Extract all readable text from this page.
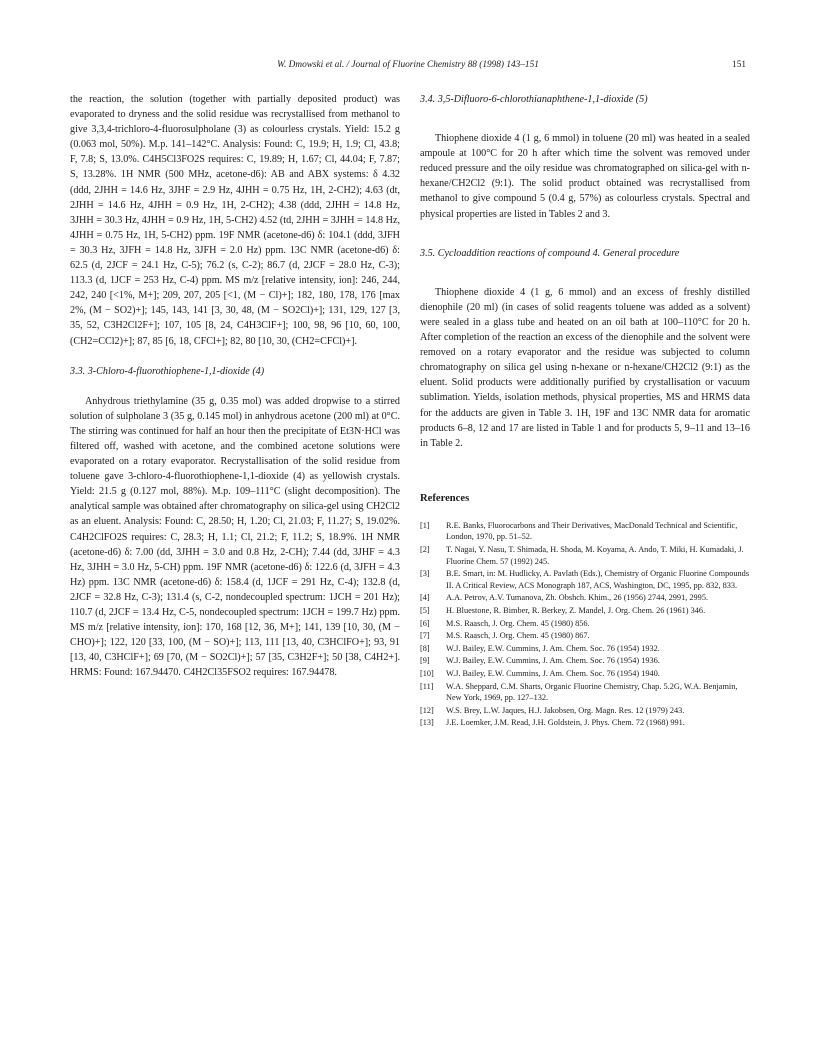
W. Dmowski et al. / Journal of Fluorine Chemistry 88 (1998) 143–151	151

the reaction, the solution (together with partially deposited product) was evaporated to dryness and the solid residue was recrystallised from methanol to give 3,3,4-trichloro-4-fluorosulpholane (3) as colourless crystals. Yield: 15.2 g (0.063 mol, 50%). M.p. 141–142°C. Analysis: Found: C, 19.9; H, 1.9; Cl, 43.8; F, 7.8; S, 13.0%. C4H5Cl3FO2S requires: C, 19.89; H, 1.67; Cl, 44.04; F, 7.87; S, 13.28%. 1H NMR (500 MHz, acetone-d6): AB and ABX systems: δ 4.32 (ddd, 2JHH = 14.6 Hz, 3JHF = 2.9 Hz, 4JHH = 0.75 Hz, 1H, 2-CH2); 4.63 (dt, 2JHH = 14.6 Hz, 4JHH = 0.9 Hz, 1H, 2-CH2); 4.38 (ddd, 2JHH = 14.8 Hz, 3JHH = 30.3 Hz, 4JHH = 0.9 Hz, 1H, 5-CH2) 4.52 (td, 2JHH = 3JHH = 14.8 Hz, 4JHH = 0.75 Hz, 1H, 5-CH2) ppm. 19F NMR (acetone-d6) δ: 104.1 (ddd, 3JFH = 30.3 Hz, 3JFH = 14.8 Hz, 3JFH = 2.0 Hz) ppm. 13C NMR (acetone-d6) δ: 62.5 (d, 2JCF = 24.1 Hz, C-5); 76.2 (s, C-2); 86.7 (d, 2JCF = 28.0 Hz, C-3); 113.3 (d, 1JCF = 253 Hz, C-4) ppm. MS m/z [relative intensity, ion]: 246, 244, 242, 240 [<1%, M+]; 209, 207, 205 [<1, (M − Cl)+]; 182, 180, 178, 176 [max 2%, (M − SO2)+]; 145, 143, 141 [3, 30, 48, (M − SO2Cl)+]; 131, 129, 127 [3, 35, 52, C3H2Cl2F+]; 107, 105 [8, 24, C4H3ClF+]; 100, 98, 96 [10, 60, 100, (CH2=CCl2)+]; 87, 85 [6, 18, CFCl+]; 82, 80 [10, 30, (CH2=CFCl)+].

3.3. 3-Chloro-4-fluorothiophene-1,1-dioxide (4)

Anhydrous triethylamine (35 g, 0.35 mol) was added dropwise to a stirred solution of sulpholane 3 (35 g, 0.145 mol) in anhydrous acetone (200 ml) at 0°C. The stirring was continued for half an hour then the precipitate of Et3N·HCl was filtered off, washed with acetone, and the combined acetone solutions were evaporated on a rotary evaporator. Recrystallisation of the solid residue from toluene gave 3-chloro-4-fluorothiophene-1,1-dioxide (4) as yellowish crystals. Yield: 21.5 g (0.127 mol, 88%). M.p. 109–111°C (slight decomposition). The analytical sample was obtained after chromatography on silica-gel using CH2Cl2 as an eluent. Analysis: Found: C, 28.50; H, 1.20; Cl, 21.03; F, 11.27; S, 19.02%. C4H2ClFO2S requires: C, 28.3; H, 1.1; Cl, 21.2; F, 11.2; S, 18.9%. 1H NMR (acetone-d6) δ: 7.00 (dd, 3JHH = 3.0 and 0.8 Hz, 2-CH); 7.44 (dd, 3JHF = 4.3 Hz, 3JHH = 3.0 Hz, 5-CH) ppm. 19F NMR (acetone-d6) δ: 122.6 (d, 3JFH = 4.3 Hz) ppm. 13C NMR (acetone-d6) δ: 158.4 (d, 1JCF = 291 Hz, C-4); 132.8 (d, 2JCF = 32.8 Hz, C-3); 131.4 (s, C-2, nondecoupled spectrum: 1JCH = 201 Hz); 110.7 (d, 2JCF = 13.4 Hz, C-5, nondecoupled spectrum: 1JCH = 199.7 Hz) ppm. MS m/z [relative intensity, ion]: 170, 168 [12, 36, M+]; 141, 139 [10, 30, (M − CHO)+]; 122, 120 [33, 100, (M − SO)+]; 113, 111 [13, 40, C3HClFO+]; 93, 91 [13, 40, C3HClF+]; 69 [70, (M − SO2Cl)+]; 57 [35, C3H2F+]; 50 [38, C4H2+]. HRMS: Found: 167.94470. C4H2Cl35FSO2 requires: 167.94478.

3.4. 3,5-Difluoro-6-chlorothianaphthene-1,1-dioxide (5)

Thiophene dioxide 4 (1 g, 6 mmol) in toluene (20 ml) was heated in a sealed ampoule at 100°C for 20 h after which time the solvent was removed under reduced pressure and the oily residue was chromatographed on silica-gel with n-hexane/CH2Cl2 (9:1). The solid product obtained was recrystallised from methanol to give compound 5 (0.4 g, 57%) as colourless crystals. Spectral and physical properties are listed in Tables 2 and 3.

3.5. Cycloaddition reactions of compound 4. General procedure

Thiophene dioxide 4 (1 g, 6 mmol) and an excess of freshly distilled dienophile (20 ml) (in cases of solid reagents toluene was added as a solvent) were sealed in a glass tube and heated on an oil bath at 100–110°C for 20 h. After completion of the reaction an excess of the dienophile and the solvent were removed on a rotary evaporator and the residue was subjected to column chromatography on silica gel using n-hexane or n-hexane/CH2Cl2 (9:1) as the eluent. Solid products were additionally purified by crystallisation or vacuum sublimation. Yields, isolation methods, physical properties, MS and HRMS data for the adducts are given in Table 3. 1H, 19F and 13C NMR data for aromatic products 6–8, 12 and 17 are listed in Table 1 and for products 5, 9–11 and 13–16 in Table 2.

References

[1]	R.E. Banks, Fluorocarbons and Their Derivatives, MacDonald Technical and Scientific, London, 1970, pp. 51–52.
[2]	T. Nagai, Y. Nasu, T. Shimada, H. Shoda, M. Koyama, A. Ando, T. Miki, H. Kumadaki, J. Fluorine Chem. 57 (1992) 245.
[3]	B.E. Smart, in: M. Hudlicky, A. Pavlath (Eds.), Chemistry of Organic Fluorine Compounds II. A Critical Review, ACS Monograph 187, ACS, Washington, DC, 1995, pp. 832, 833.
[4]	A.A. Petrov, A.V. Tumanova, Zh. Obshch. Khim., 26 (1956) 2744, 2991, 2995.
[5]	H. Bluestone, R. Bimber, R. Berkey, Z. Mandel, J. Org. Chem. 26 (1961) 346.
[6]	M.S. Raasch, J. Org. Chem. 45 (1980) 856.
[7]	M.S. Raasch, J. Org. Chem. 45 (1980) 867.
[8]	W.J. Bailey, E.W. Cummins, J. Am. Chem. Soc. 76 (1954) 1932.
[9]	W.J. Bailey, E.W. Cummins, J. Am. Chem. Soc. 76 (1954) 1936.
[10]	W.J. Bailey, E.W. Cummins, J. Am. Chem. Soc. 76 (1954) 1940.
[11]	W.A. Sheppard, C.M. Sharts, Organic Fluorine Chemistry, Chap. 5.2G, W.A. Benjamin, New York, 1969, pp. 127–132.
[12]	W.S. Brey, L.W. Jaques, H.J. Jakobsen, Org. Magn. Res. 12 (1979) 243.
[13]	J.E. Loemker, J.M. Read, J.H. Goldstein, J. Phys. Chem. 72 (1968) 991.
